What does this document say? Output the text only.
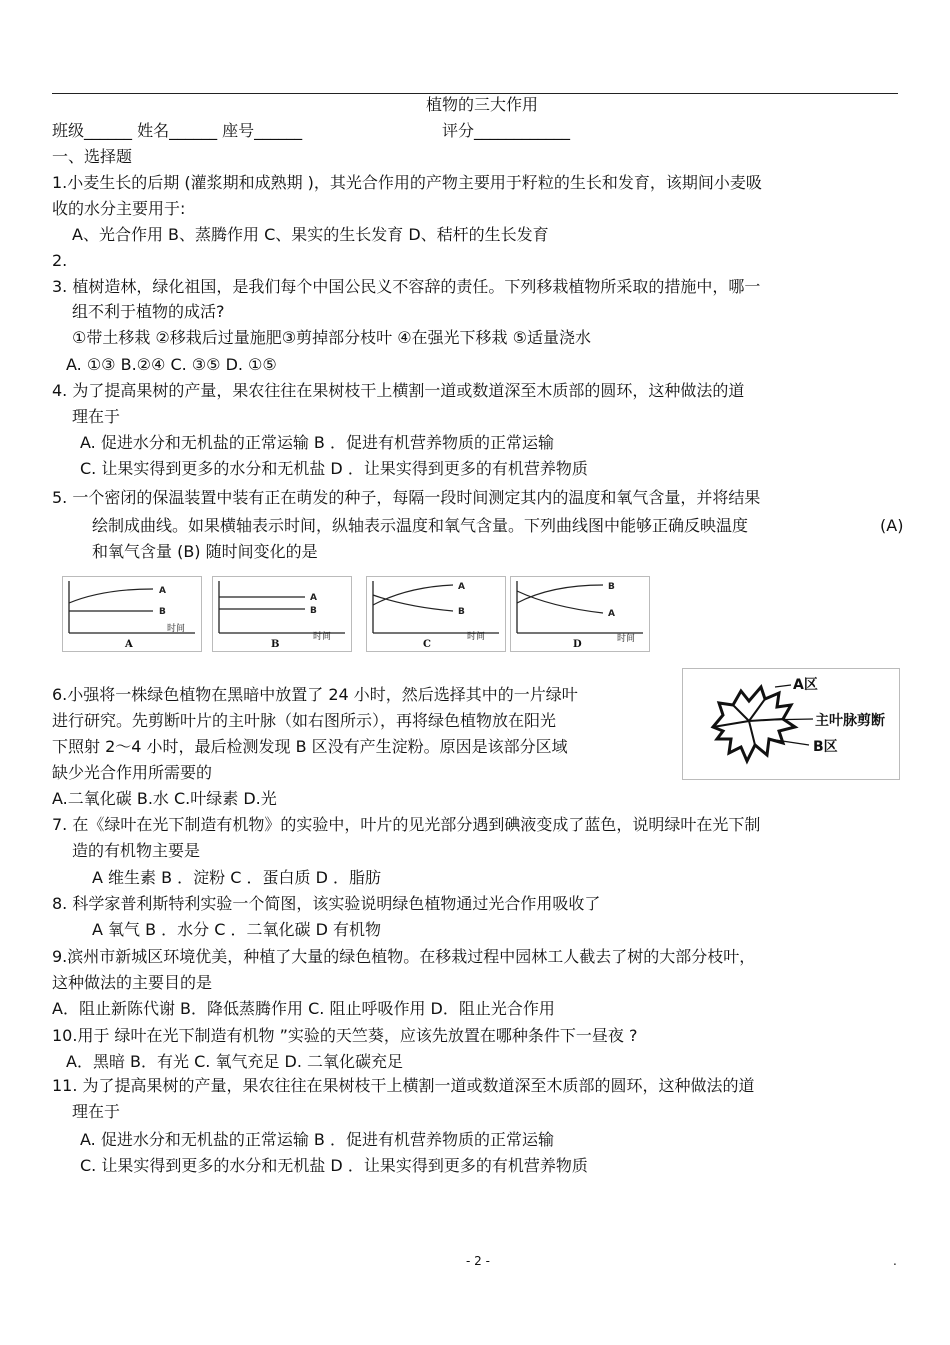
植物的三大作用
班级______ 姓名______ 座号______	评分____________
一、选择题
1.小麦生长的后期 (灌浆期和成熟期 )，其光合作用的产物主要用于籽粒的生长和发育，该期间小麦吸
收的水分主要用于:
A、光合作用 B、蒸腾作用 C、果实的生长发育 D、秸杆的生长发育
2.
3. 植树造林，绿化祖国，是我们每个中国公民义不容辞的责任。下列移栽植物所采取的措施中，哪一
组不利于植物的成活?
①带土移栽 ②移栽后过量施肥③剪掉部分枝叶 ④在强光下移栽 ⑤适量浇水
A. ①③ B.②④ C. ③⑤ D. ①⑤
4. 为了提高果树的产量，果农往往在果树枝干上横割一道或数道深至木质部的圆环，这种做法的道
理在于
A. 促进水分和无机盐的正常运输 B ．促进有机营养物质的正常运输
C. 让果实得到更多的水分和无机盐 D ．让果实得到更多的有机营养物质
5. 一个密闭的保温装置中装有正在萌发的种子，每隔一段时间测定其内的温度和氧气含量，并将结果
绘制成曲线。如果横轴表示时间，纵轴表示温度和氧气含量。下列曲线图中能够正确反映温度	(A)
和氧气含量 (B) 随时间变化的是
A
B
时间
A
A
B
时间
B
A
B
时间
C
B
A
时间
D
A区
主叶脉剪断
B区
6.小强将一株绿色植物在黑暗中放置了 24 小时，然后选择其中的一片绿叶
进行研究。先剪断叶片的主叶脉（如右图所示），再将绿色植物放在阳光
下照射 2～4 小时，最后检测发现 B 区没有产生淀粉。原因是该部分区域
缺少光合作用所需要的
A.二氧化碳 B.水 C.叶绿素 D.光
7. 在《绿叶在光下制造有机物》的实验中，叶片的见光部分遇到碘液变成了蓝色，说明绿叶在光下制
造的有机物主要是
A 维生素 B ．淀粉 C ．蛋白质 D ．脂肪
8. 科学家普利斯特利实验一个简图，该实验说明绿色植物通过光合作用吸收了
A 氧气 B ．水分 C ．二氧化碳 D 有机物
9.滨州市新城区环境优美，种植了大量的绿色植物。在移栽过程中园林工人截去了树的大部分枝叶，
这种做法的主要目的是
A．阻止新陈代谢 B．降低蒸腾作用 C. 阻止呼吸作用 D．阻止光合作用
10.用于 绿叶在光下制造有机物 ”实验的天竺葵，应该先放置在哪种条件下一昼夜 ?
A．黑暗 B．有光 C. 氧气充足 D. 二氧化碳充足
11. 为了提高果树的产量，果农往往在果树枝干上横割一道或数道深至木质部的圆环，这种做法的道
理在于
A. 促进水分和无机盐的正常运输 B ．促进有机营养物质的正常运输
C. 让果实得到更多的水分和无机盐 D ．让果实得到更多的有机营养物质
- 2 -	.
